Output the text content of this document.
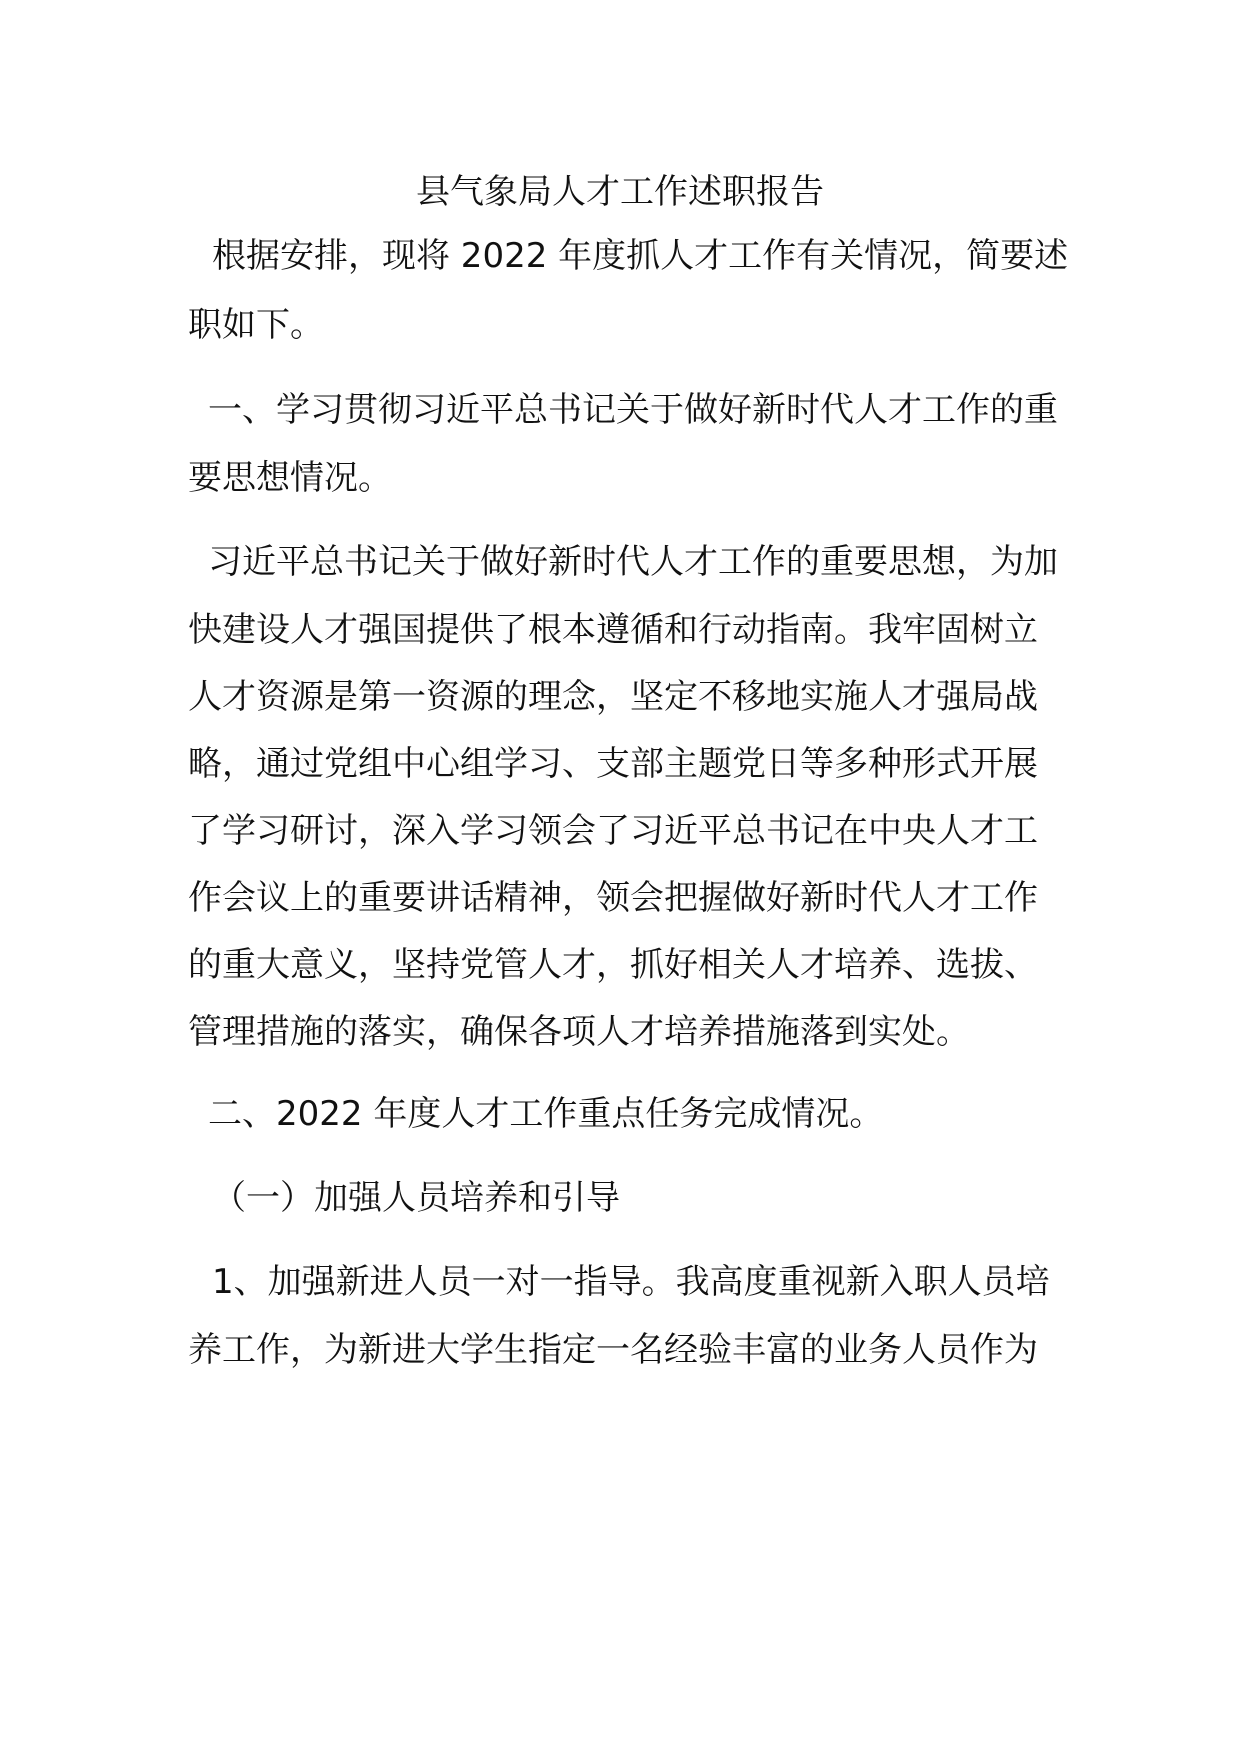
县气象局人才工作述职报告
根据安排，现将 2022 年度抓人才工作有关情况，简要述
职如下。
一、学习贯彻习近平总书记关于做好新时代人才工作的重
要思想情况。
习近平总书记关于做好新时代人才工作的重要思想，为加
快建设人才强国提供了根本遵循和行动指南。我牢固树立
人才资源是第一资源的理念，坚定不移地实施人才强局战
略，通过党组中心组学习、支部主题党日等多种形式开展
了学习研讨，深入学习领会了习近平总书记在中央人才工
作会议上的重要讲话精神，领会把握做好新时代人才工作
的重大意义，坚持党管人才，抓好相关人才培养、选拔、
管理措施的落实，确保各项人才培养措施落到实处。
二、2022 年度人才工作重点任务完成情况。
（一）加强人员培养和引导
1、加强新进人员一对一指导。我高度重视新入职人员培
养工作，为新进大学生指定一名经验丰富的业务人员作为
